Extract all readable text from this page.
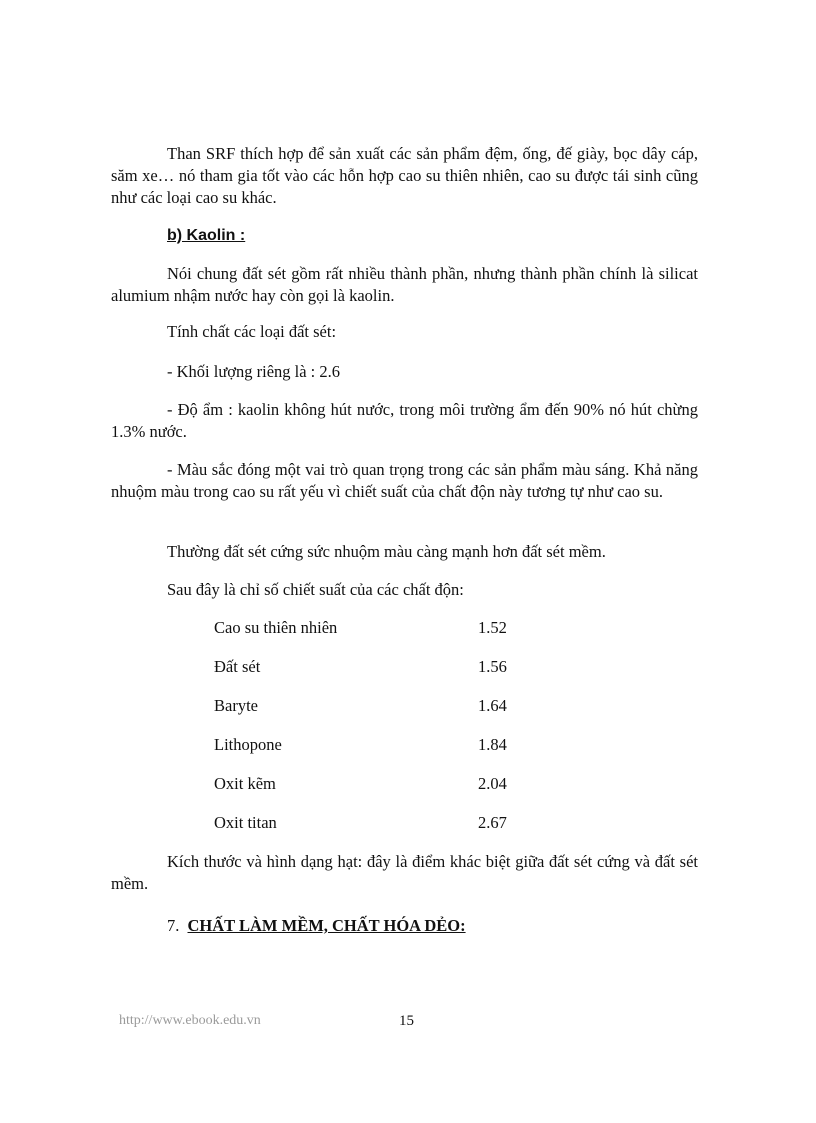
Than SRF thích hợp để sản xuất các sản phẩm đệm, ống, đế giày, bọc dây cáp, săm xe… nó tham gia tốt vào các hỗn hợp cao su thiên nhiên, cao su được tái sinh cũng như các loại cao su khác.

b) Kaolin :

Nói chung đất sét gồm rất nhiều thành phần, nhưng thành phần chính là silicat alumium nhậm nước hay còn gọi là kaolin.

Tính chất các loại đất sét:

- Khối lượng riêng là : 2.6

- Độ ẩm : kaolin không hút nước, trong môi trường ẩm đến 90% nó hút chừng 1.3% nước.

- Màu sắc đóng một vai trò quan trọng trong các sản phẩm màu sáng. Khả năng nhuộm màu trong cao su rất yếu vì chiết suất của chất độn này tương tự như cao su.

Thường đất sét cứng sức nhuộm màu càng mạnh hơn đất sét mềm.

Sau đây là chỉ số chiết suất của các chất độn:

Cao su thiên nhiên	1.52
Đất sét	1.56
Baryte	1.64
Lithopone	1.84
Oxit kẽm	2.04
Oxit titan	2.67

Kích thước và hình dạng hạt: đây là điểm khác biệt giữa đất sét cứng và đất sét mềm.

7. CHẤT LÀM MỀM, CHẤT HÓA DẺO:

http://www.ebook.edu.vn	15
